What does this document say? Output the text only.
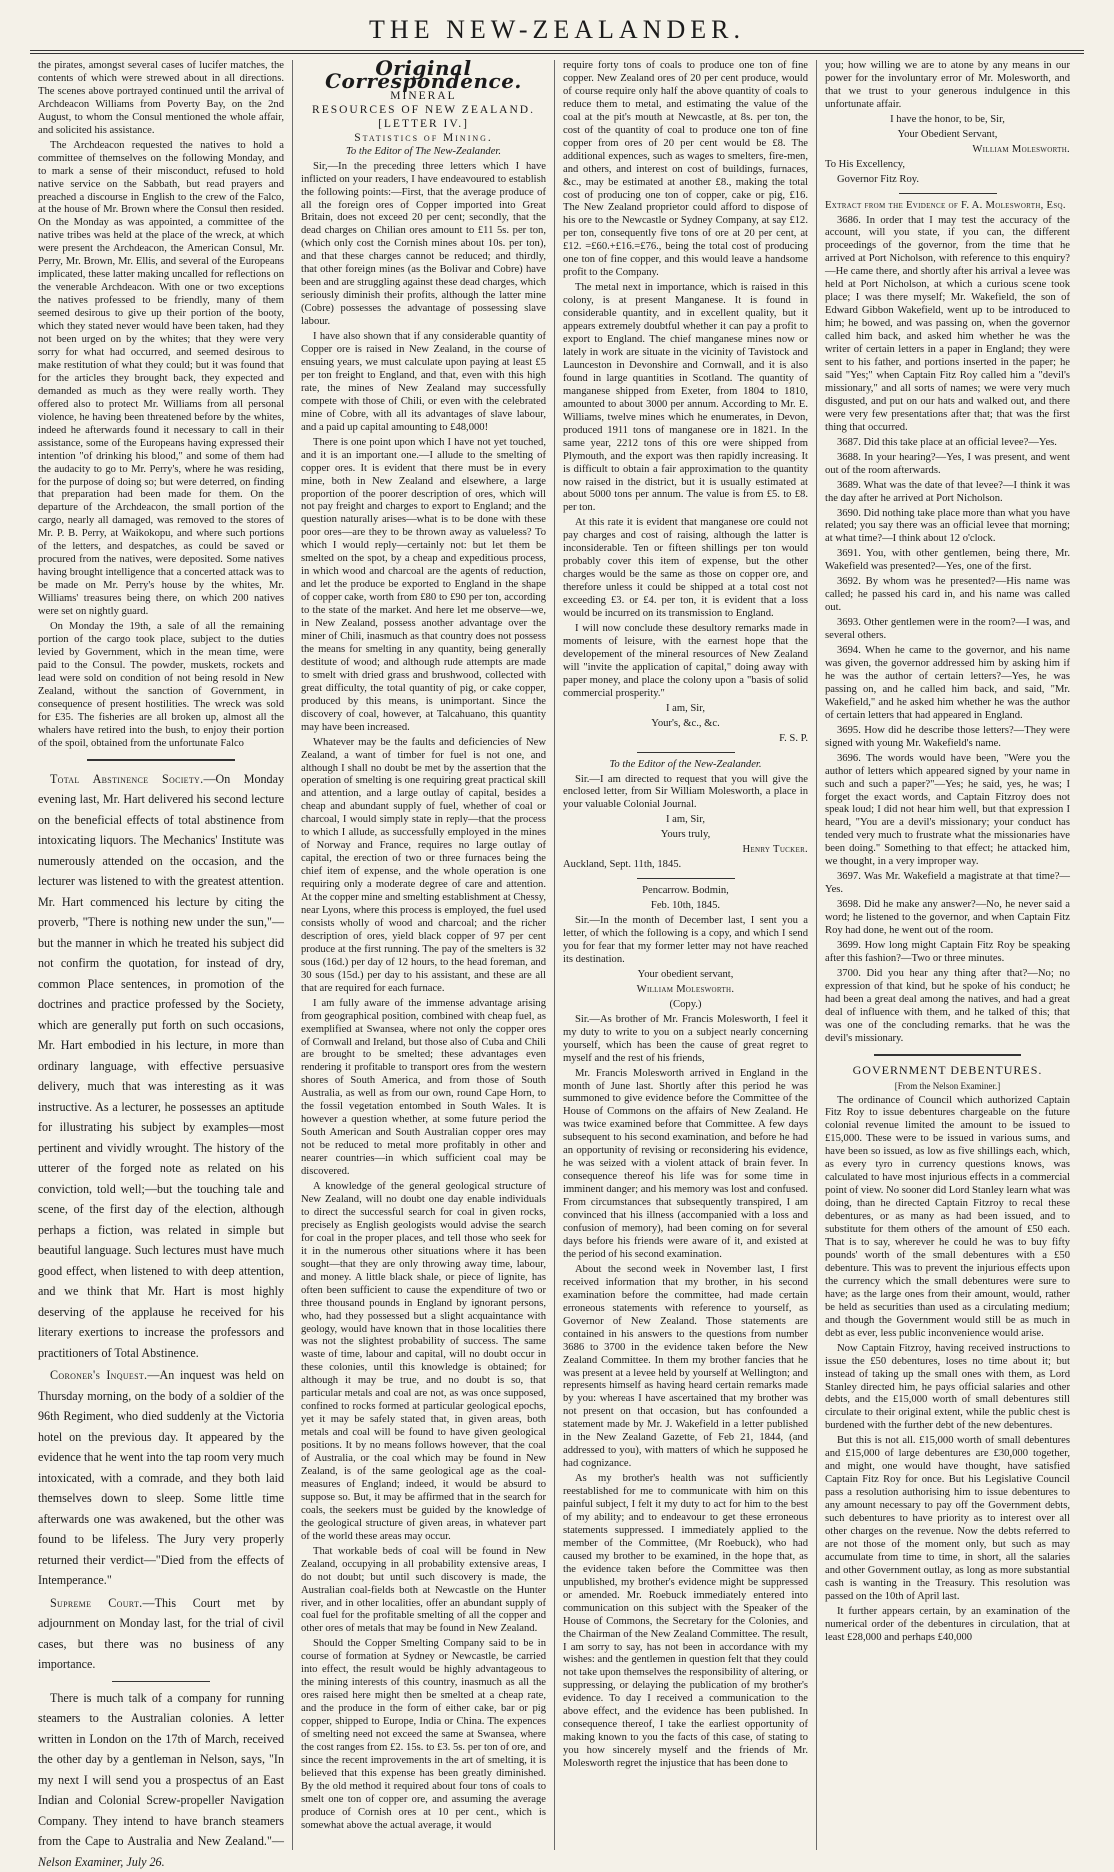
THE NEW-ZEALANDER.

the pirates, amongst several cases of lucifer matches, the contents of which were strewed about in all directions. The scenes above portrayed continued until the arrival of Archdeacon Williams from Poverty Bay, on the 2nd August, to whom the Consul mentioned the whole affair, and solicited his assistance.

The Archdeacon requested the natives to hold a committee of themselves on the following Monday, and to mark a sense of their misconduct, refused to hold native service on the Sabbath, but read prayers and preached a discourse in English to the crew of the Falco, at the house of Mr. Brown where the Consul then resided. On the Monday as was appointed, a committee of the native tribes was held at the place of the wreck, at which were present the Archdeacon, the American Consul, Mr. Perry, Mr. Brown, Mr. Ellis, and several of the Europeans implicated, these latter making uncalled for reflections on the venerable Archdeacon. With one or two exceptions the natives professed to be friendly, many of them seemed desirous to give up their portion of the booty, which they stated never would have been taken, had they not been urged on by the whites; that they were very sorry for what had occurred, and seemed desirous to make restitution of what they could; but it was found that for the articles they brought back, they expected and demanded as much as they were really worth. They offered also to protect Mr. Williams from all personal violence, he having been threatened before by the whites, indeed he afterwards found it necessary to call in their assistance, some of the Europeans having expressed their intention "of drinking his blood," and some of them had the audacity to go to Mr. Perry's, where he was residing, for the purpose of doing so; but were deterred, on finding that preparation had been made for them. On the departure of the Archdeacon, the small portion of the cargo, nearly all damaged, was removed to the stores of Mr. P. B. Perry, at Waikokopu, and where such portions of the letters, and despatches, as could be saved or procured from the natives, were deposited. Some natives having brought intelligence that a concerted attack was to be made on Mr. Perry's house by the whites, Mr. Williams' treasures being there, on which 200 natives were set on nightly guard.

On Monday the 19th, a sale of all the remaining portion of the cargo took place, subject to the duties levied by Government, which in the mean time, were paid to the Consul. The powder, muskets, rockets and lead were sold on condition of not being resold in New Zealand, without the sanction of Government, in consequence of present hostilities. The wreck was sold for £35. The fisheries are all broken up, almost all the whalers have retired into the bush, to enjoy their portion of the spoil, obtained from the unfortunate Falco

Total Abstinence Society.—On Monday evening last, Mr. Hart delivered his second lecture on the beneficial effects of total abstinence from intoxicating liquors. The Mechanics' Institute was numerously attended on the occasion, and the lecturer was listened to with the greatest attention. Mr. Hart commenced his lecture by citing the proverb, "There is nothing new under the sun,"—but the manner in which he treated his subject did not confirm the quotation, for instead of dry, common Place sentences, in promotion of the doctrines and practice professed by the Society, which are generally put forth on such occasions, Mr. Hart embodied in his lecture, in more than ordinary language, with effective persuasive delivery, much that was interesting as it was instructive. As a lecturer, he possesses an aptitude for illustrating his subject by examples—most pertinent and vividly wrought. The history of the utterer of the forged note as related on his conviction, told well;—but the touching tale and scene, of the first day of the election, although perhaps a fiction, was related in simple but beautiful language. Such lectures must have much good effect, when listened to with deep attention, and we think that Mr. Hart is most highly deserving of the applause he received for his literary exertions to increase the professors and practitioners of Total Abstinence.

Coroner's Inquest.—An inquest was held on Thursday morning, on the body of a soldier of the 96th Regiment, who died suddenly at the Victoria hotel on the previous day. It appeared by the evidence that he went into the tap room very much intoxicated, with a comrade, and they both laid themselves down to sleep. Some little time afterwards one was awakened, but the other was found to be lifeless. The Jury very properly returned their verdict—"Died from the effects of Intemperance."

Supreme Court.—This Court met by adjournment on Monday last, for the trial of civil cases, but there was no business of any importance.

There is much talk of a company for running steamers to the Australian colonies. A letter written in London on the 17th of March, received the other day by a gentleman in Nelson, says, "In my next I will send you a prospectus of an East Indian and Colonial Screw-propeller Navigation Company. They intend to have branch steamers from the Cape to Australia and New Zealand."—Nelson Examiner, July 26.

Original Correspondence.
MINERAL
RESOURCES OF NEW ZEALAND.
[LETTER IV.]
Statistics of Mining.

To the Editor of The New-Zealander.

Sir,—In the preceding three letters which I have inflicted on your readers, I have endeavoured to establish the following points:—First, that the average produce of all the foreign ores of Copper imported into Great Britain, does not exceed 20 per cent; secondly, that the dead charges on Chilian ores amount to £11 5s. per ton, (which only cost the Cornish mines about 10s. per ton), and that these charges cannot be reduced; and thirdly, that other foreign mines (as the Bolivar and Cobre) have been and are struggling against these dead charges, which seriously diminish their profits, although the latter mine (Cobre) possesses the advantage of possessing slave labour.

I have also shown that if any considerable quantity of Copper ore is raised in New Zealand, in the course of ensuing years, we must calculate upon paying at least £5 per ton freight to England, and that, even with this high rate, the mines of New Zealand may successfully compete with those of Chili, or even with the celebrated mine of Cobre, with all its advantages of slave labour, and a paid up capital amounting to £48,000!

There is one point upon which I have not yet touched, and it is an important one.—I allude to the smelting of copper ores. It is evident that there must be in every mine, both in New Zealand and elsewhere, a large proportion of the poorer description of ores, which will not pay freight and charges to export to England; and the question naturally arises—what is to be done with these poor ores—are they to be thrown away as valueless? To which I would reply—certainly not: but let them be smelted on the spot, by a cheap and expeditious process, in which wood and charcoal are the agents of reduction, and let the produce be exported to England in the shape of copper cake, worth from £80 to £90 per ton, according to the state of the market. And here let me observe—we, in New Zealand, possess another advantage over the miner of Chili, inasmuch as that country does not possess the means for smelting in any quantity, being generally destitute of wood; and although rude attempts are made to smelt with dried grass and brushwood, collected with great difficulty, the total quantity of pig, or cake copper, produced by this means, is unimportant. Since the discovery of coal, however, at Talcahuano, this quantity may have been increased.

Whatever may be the faults and deficiencies of New Zealand, a want of timber for fuel is not one, and although I shall no doubt be met by the assertion that the operation of smelting is one requiring great practical skill and attention, and a large outlay of capital, besides a cheap and abundant supply of fuel, whether of coal or charcoal, I would simply state in reply—that the process to which I allude, as successfully employed in the mines of Norway and France, requires no large outlay of capital, the erection of two or three furnaces being the chief item of expense, and the whole operation is one requiring only a moderate degree of care and attention. At the copper mine and smelting establishment at Chessy, near Lyons, where this process is employed, the fuel used consists wholly of wood and charcoal; and the richer description of ores, yield black copper of 97 per cent produce at the first running. The pay of the smelters is 32 sous (16d.) per day of 12 hours, to the head foreman, and 30 sous (15d.) per day to his assistant, and these are all that are required for each furnace.

I am fully aware of the immense advantage arising from geographical position, combined with cheap fuel, as exemplified at Swansea, where not only the copper ores of Cornwall and Ireland, but those also of Cuba and Chili are brought to be smelted; these advantages even rendering it profitable to transport ores from the western shores of South America, and from those of South Australia, as well as from our own, round Cape Horn, to the fossil vegetation entombed in South Wales. It is however a question whether, at some future period the South American and South Australian copper ores may not be reduced to metal more profitably in other and nearer countries—in which sufficient coal may be discovered.

A knowledge of the general geological structure of New Zealand, will no doubt one day enable individuals to direct the successful search for coal in given rocks, precisely as English geologists would advise the search for coal in the proper places, and tell those who seek for it in the numerous other situations where it has been sought—that they are only throwing away time, labour, and money. A little black shale, or piece of lignite, has often been sufficient to cause the expenditure of two or three thousand pounds in England by ignorant persons, who, had they possessed but a slight acquaintance with geology, would have known that in those localities there was not the slightest probability of success. The same waste of time, labour and capital, will no doubt occur in these colonies, until this knowledge is obtained; for although it may be true, and no doubt is so, that particular metals and coal are not, as was once supposed, confined to rocks formed at particular geological epochs, yet it may be safely stated that, in given areas, both metals and coal will be found to have given geological positions. It by no means follows however, that the coal of Australia, or the coal which may be found in New Zealand, is of the same geological age as the coal-measures of England; indeed, it would be absurd to suppose so. But, it may be affirmed that in the search for coals, the seekers must be guided by the knowledge of the geological structure of given areas, in whatever part of the world these areas may occur.

That workable beds of coal will be found in New Zealand, occupying in all probability extensive areas, I do not doubt; but until such discovery is made, the Australian coal-fields both at Newcastle on the Hunter river, and in other localities, offer an abundant supply of coal fuel for the profitable smelting of all the copper and other ores of metals that may be found in New Zealand.

Should the Copper Smelting Company said to be in course of formation at Sydney or Newcastle, be carried into effect, the result would be highly advantageous to the mining interests of this country, inasmuch as all the ores raised here might then be smelted at a cheap rate, and the produce in the form of either cake, bar or pig copper, shipped to Europe, India or China. The expences of smelting need not exceed the same at Swansea, where the cost ranges from £2. 15s. to £3. 5s. per ton of ore, and since the recent improvements in the art of smelting, it is believed that this expense has been greatly diminished. By the old method it required about four tons of coals to smelt one ton of copper ore, and assuming the average produce of Cornish ores at 10 per cent., which is somewhat above the actual average, it would

require forty tons of coals to produce one ton of fine copper. New Zealand ores of 20 per cent produce, would of course require only half the above quantity of coals to reduce them to metal, and estimating the value of the coal at the pit's mouth at Newcastle, at 8s. per ton, the cost of the quantity of coal to produce one ton of fine copper from ores of 20 per cent would be £8. The additional expences, such as wages to smelters, fire-men, and others, and interest on cost of buildings, furnaces, &c., may be estimated at another £8., making the total cost of producing one ton of copper, cake or pig, £16. The New Zealand proprietor could afford to dispose of his ore to the Newcastle or Sydney Company, at say £12. per ton, consequently five tons of ore at 20 per cent, at £12. =£60.+£16.=£76., being the total cost of producing one ton of fine copper, and this would leave a handsome profit to the Company.

The metal next in importance, which is raised in this colony, is at present Manganese. It is found in considerable quantity, and in excellent quality, but it appears extremely doubtful whether it can pay a profit to export to England. The chief manganese mines now or lately in work are situate in the vicinity of Tavistock and Launceston in Devonshire and Cornwall, and it is also found in large quantities in Scotland. The quantity of manganese shipped from Exeter, from 1804 to 1810, amounted to about 3000 per annum. According to Mr. E. Williams, twelve mines which he enumerates, in Devon, produced 1911 tons of manganese ore in 1821. In the same year, 2212 tons of this ore were shipped from Plymouth, and the export was then rapidly increasing. It is difficult to obtain a fair approximation to the quantity now raised in the district, but it is usually estimated at about 5000 tons per annum. The value is from £5. to £8. per ton.

At this rate it is evident that manganese ore could not pay charges and cost of raising, although the latter is inconsiderable. Ten or fifteen shillings per ton would probably cover this item of expense, but the other charges would be the same as those on copper ore, and therefore unless it could be shipped at a total cost not exceeding £3. or £4. per ton, it is evident that a loss would be incurred on its transmission to England.

I will now conclude these desultory remarks made in moments of leisure, with the earnest hope that the developement of the mineral resources of New Zealand will "invite the application of capital," doing away with paper money, and place the colony upon a "basis of solid commercial prosperity."

I am, Sir,

Your's, &c., &c.

F. S. P.

To the Editor of the New-Zealander.

Sir.—I am directed to request that you will give the enclosed letter, from Sir William Molesworth, a place in your valuable Colonial Journal.

I am, Sir,

Yours truly,

Henry Tucker.

Auckland, Sept. 11th, 1845.

Pencarrow. Bodmin,

Feb. 10th, 1845.

Sir.—In the month of December last, I sent you a letter, of which the following is a copy, and which I send you for fear that my former letter may not have reached its destination.

Your obedient servant,

William Molesworth.

(Copy.)

Sir.—As brother of Mr. Francis Molesworth, I feel it my duty to write to you on a subject nearly concerning yourself, which has been the cause of great regret to myself and the rest of his friends,

Mr. Francis Molesworth arrived in England in the month of June last. Shortly after this period he was summoned to give evidence before the Committee of the House of Commons on the affairs of New Zealand. He was twice examined before that Committee. A few days subsequent to his second examination, and before he had an opportunity of revising or reconsidering his evidence, he was seized with a violent attack of brain fever. In consequence thereof his life was for some time in imminent danger; and his memory was lost and confused. From circumstances that subsequently transpired, I am convinced that his illness (accompanied with a loss and confusion of memory), had been coming on for several days before his friends were aware of it, and existed at the period of his second examination.

About the second week in November last, I first received information that my brother, in his second examination before the committee, had made certain erroneous statements with reference to yourself, as Governor of New Zealand. Those statements are contained in his answers to the questions from number 3686 to 3700 in the evidence taken before the New Zealand Committee. In them my brother fancies that he was present at a levee held by yourself at Wellington; and represents himself as having heard certain remarks made by you: whereas I have ascertained that my brother was not present on that occasion, but has confounded a statement made by Mr. J. Wakefield in a letter published in the New Zealand Gazette, of Feb 21, 1844, (and addressed to you), with matters of which he supposed he had cognizance.

As my brother's health was not sufficiently reestablished for me to communicate with him on this painful subject, I felt it my duty to act for him to the best of my ability; and to endeavour to get these erroneous statements suppressed. I immediately applied to the member of the Committee, (Mr Roebuck), who had caused my brother to be examined, in the hope that, as the evidence taken before the Committee was then unpublished, my brother's evidence might be suppressed or amended. Mr. Roebuck immediately entered into communication on this subject with the Speaker of the House of Commons, the Secretary for the Colonies, and the Chairman of the New Zealand Committee. The result, I am sorry to say, has not been in accordance with my wishes: and the gentlemen in question felt that they could not take upon themselves the responsibility of altering, or suppressing, or delaying the publication of my brother's evidence. To day I received a communication to the above effect, and the evidence has been published. In consequence thereof, I take the earliest opportunity of making known to you the facts of this case, of stating to you how sincerely myself and the friends of Mr. Molesworth regret the injustice that has been done to

you; how willing we are to atone by any means in our power for the involuntary error of Mr. Molesworth, and that we trust to your generous indulgence in this unfortunate affair.

I have the honor, to be, Sir,

Your Obedient Servant,

William Molesworth.

To His Excellency,

Governor Fitz Roy.

Extract from the Evidence of F. A. Molesworth, Esq.

3686. In order that I may test the accuracy of the account, will you state, if you can, the different proceedings of the governor, from the time that he arrived at Port Nicholson, with reference to this enquiry?—He came there, and shortly after his arrival a levee was held at Port Nicholson, at which a curious scene took place; I was there myself; Mr. Wakefield, the son of Edward Gibbon Wakefield, went up to be introduced to him; he bowed, and was passing on, when the governor called him back, and asked him whether he was the writer of certain letters in a paper in England; they were sent to his father, and portions inserted in the paper; he said "Yes;" when Captain Fitz Roy called him a "devil's missionary," and all sorts of names; we were very much disgusted, and put on our hats and walked out, and there were very few presentations after that; that was the first thing that occurred.

3687. Did this take place at an official levee?—Yes.

3688. In your hearing?—Yes, I was present, and went out of the room afterwards.

3689. What was the date of that levee?—I think it was the day after he arrived at Port Nicholson.

3690. Did nothing take place more than what you have related; you say there was an official levee that morning; at what time?—I think about 12 o'clock.

3691. You, with other gentlemen, being there, Mr. Wakefield was presented?—Yes, one of the first.

3692. By whom was he presented?—His name was called; he passed his card in, and his name was called out.

3693. Other gentlemen were in the room?—I was, and several others.

3694. When he came to the governor, and his name was given, the governor addressed him by asking him if he was the author of certain letters?—Yes, he was passing on, and he called him back, and said, "Mr. Wakefield," and he asked him whether he was the author of certain letters that had appeared in England.

3695. How did he describe those letters?—They were signed with young Mr. Wakefield's name.

3696. The words would have been, "Were you the author of letters which appeared signed by your name in such and such a paper?"—Yes; he said, yes, he was; I forget the exact words, and Captain Fitzroy does not speak loud; I did not hear him well, but that expression I heard, "You are a devil's missionary; your conduct has tended very much to frustrate what the missionaries have been doing." Something to that effect; he attacked him, we thought, in a very improper way.

3697. Was Mr. Wakefield a magistrate at that time?—Yes.

3698. Did he make any answer?—No, he never said a word; he listened to the governor, and when Captain Fitz Roy had done, he went out of the room.

3699. How long might Captain Fitz Roy be speaking after this fashion?—Two or three minutes.

3700. Did you hear any thing after that?—No; no expression of that kind, but he spoke of his conduct; he had been a great deal among the natives, and had a great deal of influence with them, and he talked of this; that was one of the concluding remarks. that he was the devil's missionary.

GOVERNMENT DEBENTURES.

[From the Nelson Examiner.]

The ordinance of Council which authorized Captain Fitz Roy to issue debentures chargeable on the future colonial revenue limited the amount to be issued to £15,000. These were to be issued in various sums, and have been so issued, as low as five shillings each, which, as every tyro in currency questions knows, was calculated to have most injurious effects in a commercial point of view. No sooner did Lord Stanley learn what was doing, than he directed Captain Fitzroy to recal these debentures, or as many as had been issued, and to substitute for them others of the amount of £50 each. That is to say, wherever he could he was to buy fifty pounds' worth of the small debentures with a £50 debenture. This was to prevent the injurious effects upon the currency which the small debentures were sure to have; as the large ones from their amount, would, rather be held as securities than used as a circulating medium; and though the Government would still be as much in debt as ever, less public inconvenience would arise.

Now Captain Fitzroy, having received instructions to issue the £50 debentures, loses no time about it; but instead of taking up the small ones with them, as Lord Stanley directed him, he pays official salaries and other debts, and the £15,000 worth of small debentures still circulate to their original extent, while the public chest is burdened with the further debt of the new debentures.

But this is not all. £15,000 worth of small debentures and £15,000 of large debentures are £30,000 together, and might, one would have thought, have satisfied Captain Fitz Roy for once. But his Legislative Council pass a resolution authorising him to issue debentures to any amount necessary to pay off the Government debts, such debentures to have priority as to interest over all other charges on the revenue. Now the debts referred to are not those of the moment only, but such as may accumulate from time to time, in short, all the salaries and other Government outlay, as long as more substantial cash is wanting in the Treasury. This resolution was passed on the 10th of April last.

It further appears certain, by an examination of the numerical order of the debentures in circulation, that at least £28,000 and perhaps £40,000
